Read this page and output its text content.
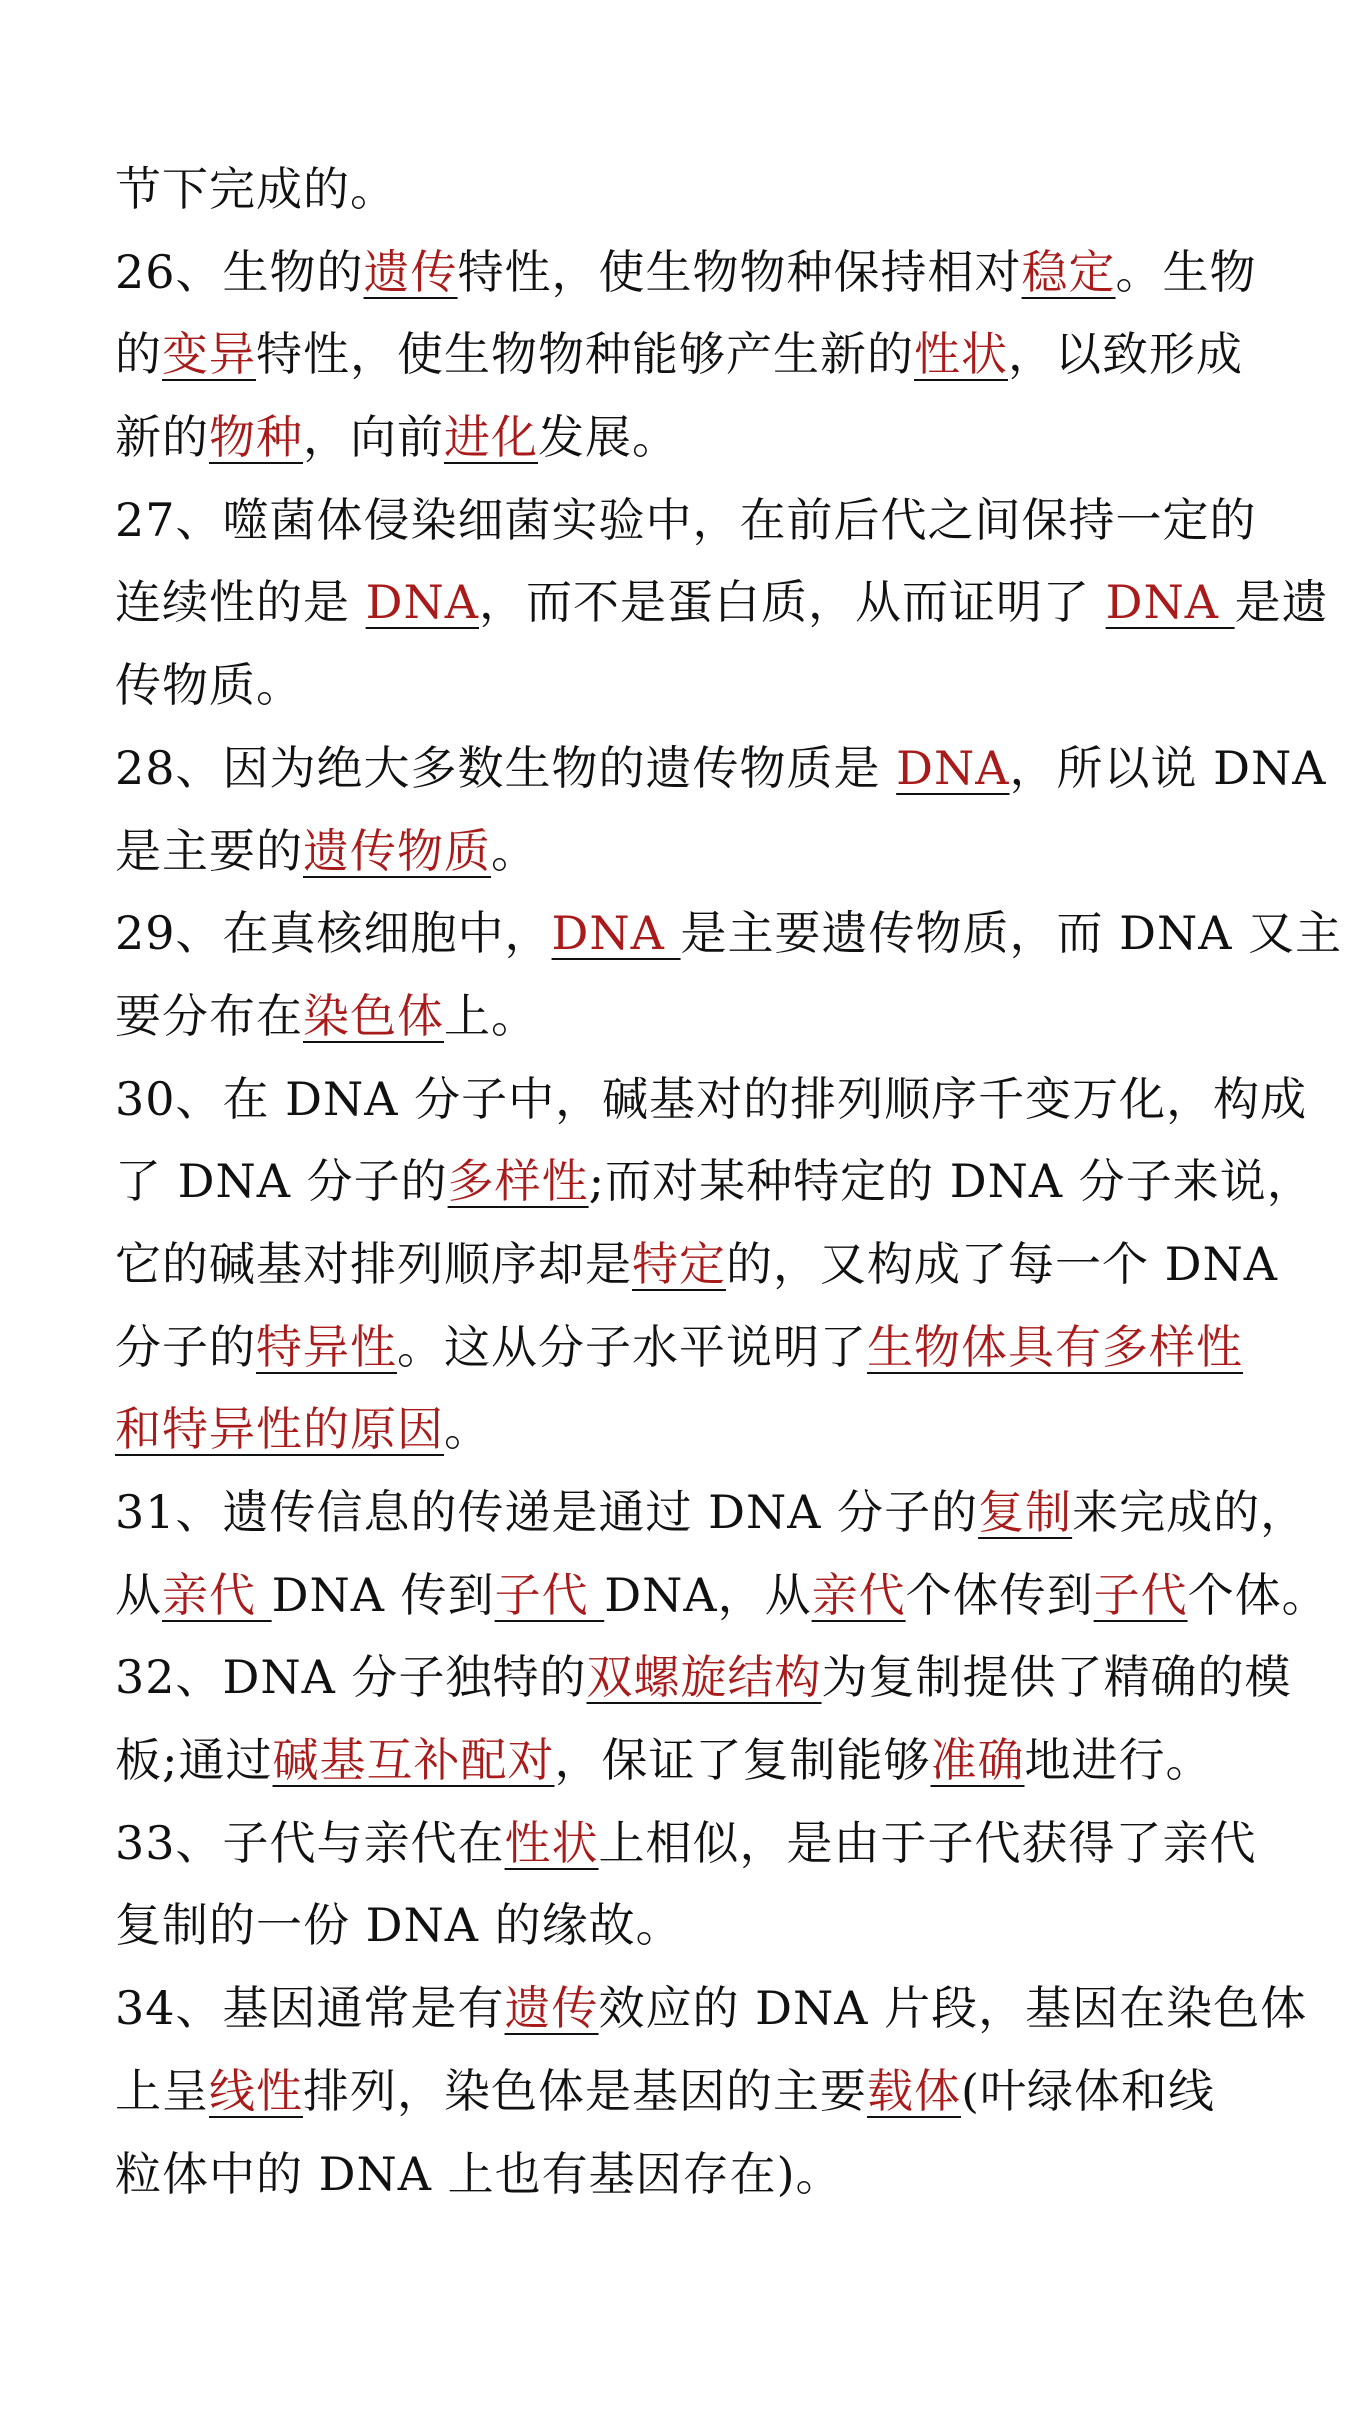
节下完成的。
26、生物的遗传特性，使生物物种保持相对稳定。生物
的变异特性，使生物物种能够产生新的性状，以致形成
新的物种，向前进化发展。
27、噬菌体侵染细菌实验中，在前后代之间保持一定的
连续性的是 DNA，而不是蛋白质，从而证明了 DNA 是遗
传物质。
28、因为绝大多数生物的遗传物质是 DNA，所以说 DNA
是主要的遗传物质。
29、在真核细胞中，DNA 是主要遗传物质，而 DNA 又主
要分布在染色体上。
30、在 DNA 分子中，碱基对的排列顺序千变万化，构成
了 DNA 分子的多样性;而对某种特定的 DNA 分子来说，
它的碱基对排列顺序却是特定的，又构成了每一个 DNA
分子的特异性。这从分子水平说明了生物体具有多样性
和特异性的原因。
31、遗传信息的传递是通过 DNA 分子的复制来完成的，
从亲代 DNA 传到子代 DNA，从亲代个体传到子代个体。
32、DNA 分子独特的双螺旋结构为复制提供了精确的模
板;通过碱基互补配对，保证了复制能够准确地进行。
33、子代与亲代在性状上相似，是由于子代获得了亲代
复制的一份 DNA 的缘故。
34、基因通常是有遗传效应的 DNA 片段，基因在染色体
上呈线性排列，染色体是基因的主要载体(叶绿体和线
粒体中的 DNA 上也有基因存在)。
